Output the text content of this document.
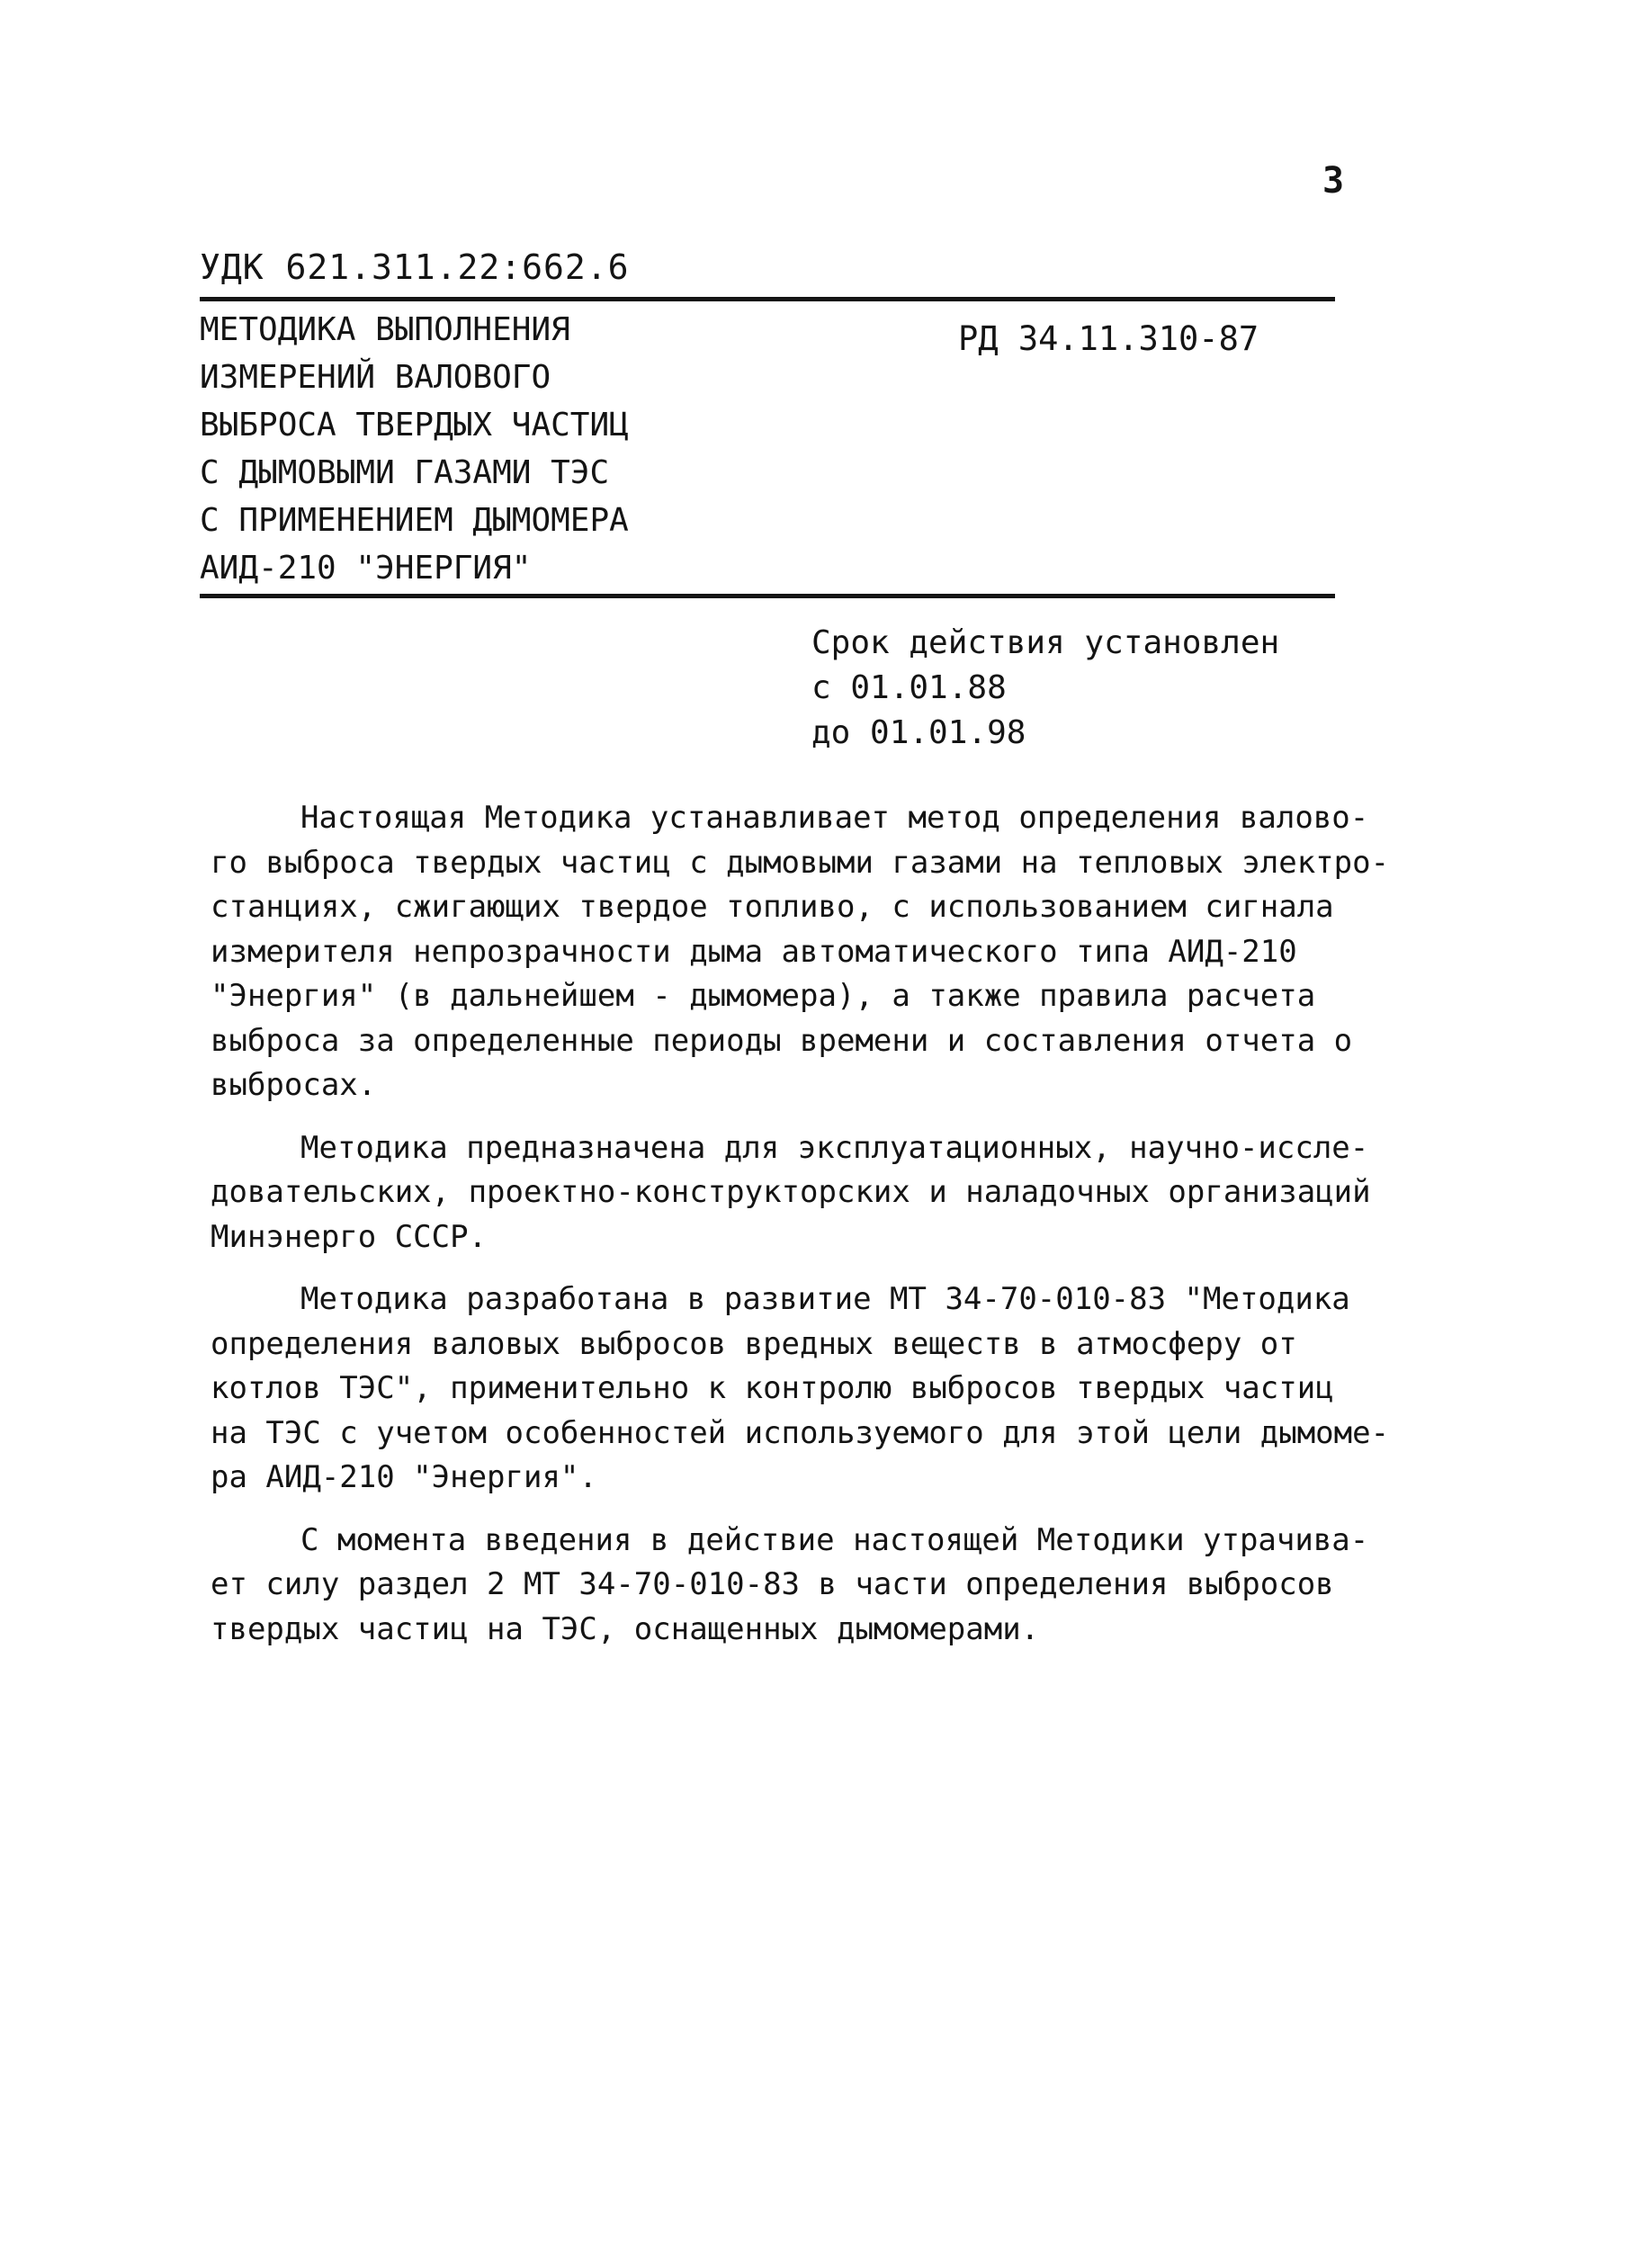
3
УДК 621.311.22:662.6
МЕТОДИКА ВЫПОЛНЕНИЯ
ИЗМЕРЕНИЙ ВАЛОВОГО
ВЫБРОСА ТВЕРДЫХ ЧАСТИЦ
С ДЫМОВЫМИ ГАЗАМИ ТЭС
С ПРИМЕНЕНИЕМ ДЫМОМЕРА
АИД-210 "ЭНЕРГИЯ"
РД 34.11.310-87
Срок действия установлен
с 01.01.88
до 01.01.98
Настоящая Методика устанавливает метод определения валово-
го выброса твердых частиц с дымовыми газами на тепловых электро-
станциях, сжигающих твердое топливо, с использованием сигнала
измерителя непрозрачности дыма автоматического типа АИД-210
"Энергия" (в дальнейшем - дымомера), а также правила расчета
выброса за определенные периоды времени и составления отчета о
выбросах.
Методика предназначена для эксплуатационных, научно-иссле-
довательских, проектно-конструкторских и наладочных организаций
Минэнерго СССР.
Методика разработана в развитие МТ 34-70-010-83 "Методика
определения валовых выбросов вредных веществ в атмосферу от
котлов ТЭС", применительно к контролю выбросов твердых частиц
на ТЭС с учетом особенностей используемого для этой цели дымоме-
ра АИД-210 "Энергия".
С момента введения в действие настоящей Методики утрачива-
ет силу раздел 2 МТ 34-70-010-83 в части определения выбросов
твердых частиц на ТЭС, оснащенных дымомерами.
